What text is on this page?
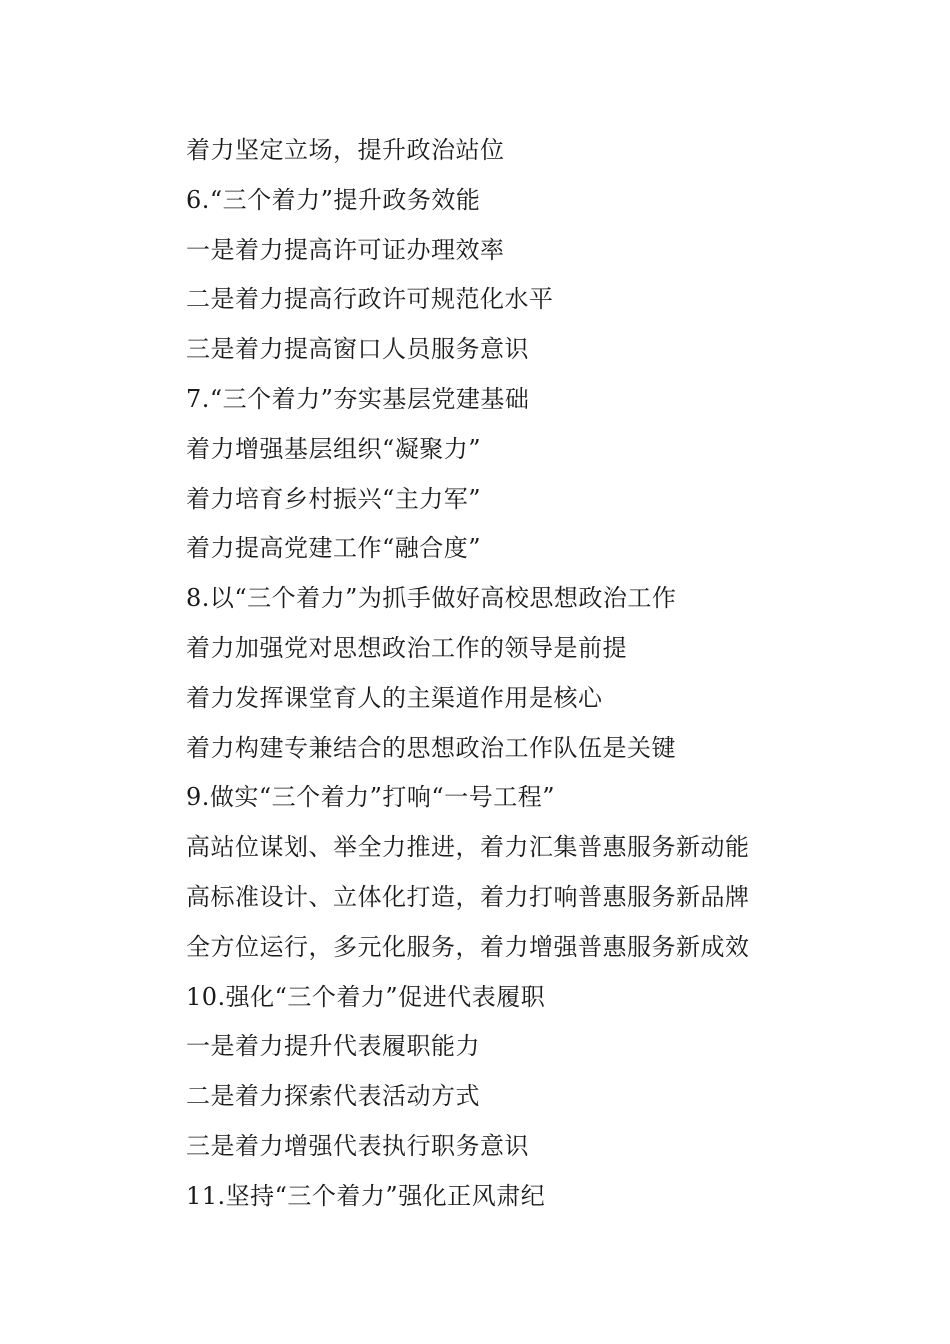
着力坚定立场，提升政治站位
6.“三个着力”提升政务效能
一是着力提高许可证办理效率
二是着力提高行政许可规范化水平
三是着力提高窗口人员服务意识
7.“三个着力”夯实基层党建基础
着力增强基层组织“凝聚力”
着力培育乡村振兴“主力军”
着力提高党建工作“融合度”
8.以“三个着力”为抓手做好高校思想政治工作
着力加强党对思想政治工作的领导是前提
着力发挥课堂育人的主渠道作用是核心
着力构建专兼结合的思想政治工作队伍是关键
9.做实“三个着力”打响“一号工程”
高站位谋划、举全力推进，着力汇集普惠服务新动能
高标准设计、立体化打造，着力打响普惠服务新品牌
全方位运行，多元化服务，着力增强普惠服务新成效
10.强化“三个着力”促进代表履职
一是着力提升代表履职能力
二是着力探索代表活动方式
三是着力增强代表执行职务意识
11.坚持“三个着力”强化正风肃纪
